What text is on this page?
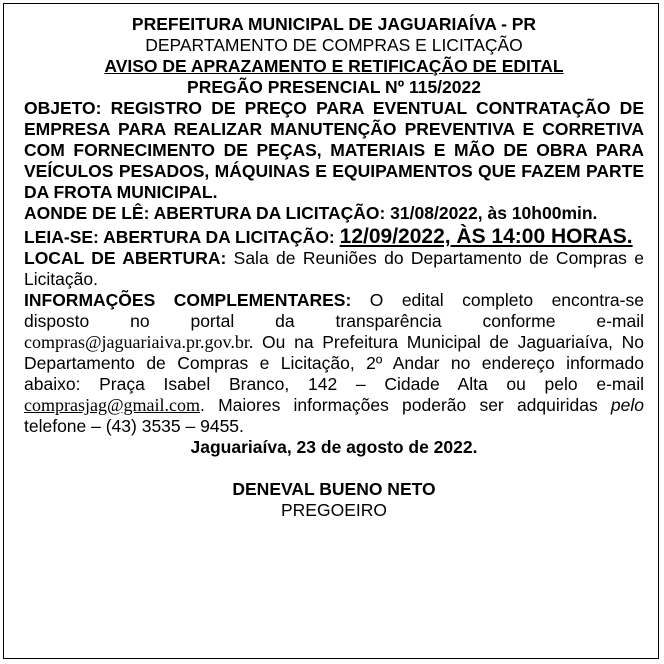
PREFEITURA MUNICIPAL DE JAGUARIAÍVA - PR
DEPARTAMENTO DE COMPRAS E LICITAÇÃO
AVISO DE APRAZAMENTO E RETIFICAÇÃO DE EDITAL
PREGÃO PRESENCIAL Nº 115/2022
OBJETO: REGISTRO DE PREÇO PARA EVENTUAL CONTRATAÇÃO DE EMPRESA PARA REALIZAR MANUTENÇÃO PREVENTIVA E CORRETIVA COM FORNECIMENTO DE PEÇAS, MATERIAIS E MÃO DE OBRA PARA VEÍCULOS PESADOS, MÁQUINAS E EQUIPAMENTOS QUE FAZEM PARTE DA FROTA MUNICIPAL.
AONDE DE LÊ: ABERTURA DA LICITAÇÃO: 31/08/2022, às 10h00min.
LEIA-SE: ABERTURA DA LICITAÇÃO: 12/09/2022, ÀS 14:00 HORAS.
LOCAL DE ABERTURA: Sala de Reuniões do Departamento de Compras e Licitação.
INFORMAÇÕES COMPLEMENTARES: O edital completo encontra-se disposto no portal da transparência conforme e-mail compras@jaguariaiva.pr.gov.br. Ou na Prefeitura Municipal de Jaguariaíva, No Departamento de Compras e Licitação, 2º Andar no endereço informado abaixo: Praça Isabel Branco, 142 – Cidade Alta ou pelo e-mail comprasjag@gmail.com. Maiores informações poderão ser adquiridas pelo telefone – (43) 3535 – 9455.
Jaguariaíva, 23 de agosto de 2022.
DENEVAL BUENO NETO
PREGOEIRO
